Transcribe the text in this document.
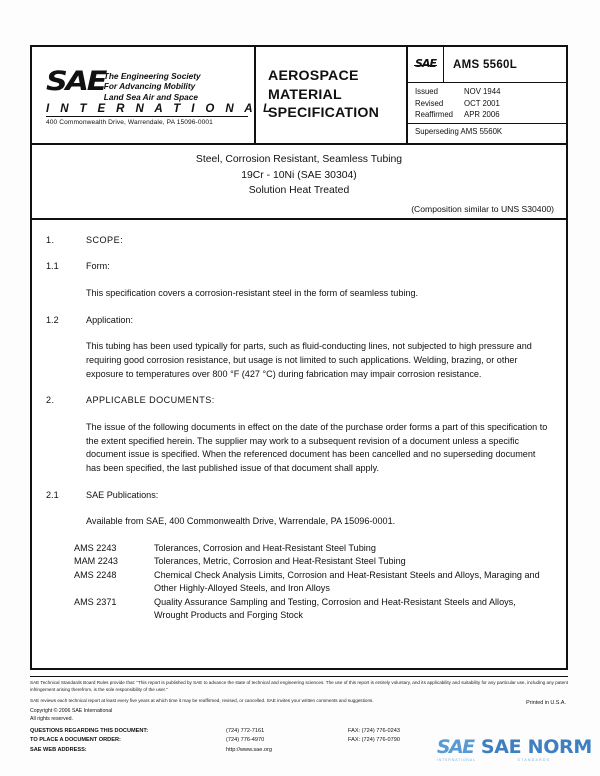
SAE
The Engineering Society
For Advancing Mobility
Land Sea Air and Space
I N T E R N A T I O N A L
400 Commonwealth Drive, Warrendale, PA 15096-0001
AEROSPACE
MATERIAL
SPECIFICATION
SAE	AMS 5560L
Issued	NOV 1944
Revised	OCT 2001
Reaffirmed	APR 2006
Superseding AMS 5560K
Steel, Corrosion Resistant, Seamless Tubing
19Cr - 10Ni (SAE 30304)
Solution Heat Treated
(Composition similar to UNS S30400)
1.	SCOPE:
1.1	Form:

This specification covers a corrosion-resistant steel in the form of seamless tubing.

1.2	Application:

This tubing has been used typically for parts, such as fluid-conducting lines, not subjected to high pressure and requiring good corrosion resistance, but usage is not limited to such applications. Welding, brazing, or other exposure to temperatures over 800 °F (427 °C) during fabrication may impair corrosion resistance.

2.	APPLICABLE DOCUMENTS:

The issue of the following documents in effect on the date of the purchase order forms a part of this specification to the extent specified herein. The supplier may work to a subsequent revision of a document unless a specific document issue is specified. When the referenced document has been cancelled and no superseding document has been specified, the last published issue of that document shall apply.

2.1	SAE Publications:

Available from SAE, 400 Commonwealth Drive, Warrendale, PA 15096-0001.

AMS 2243	Tolerances, Corrosion and Heat-Resistant Steel Tubing
MAM 2243	Tolerances, Metric, Corrosion and Heat-Resistant Steel Tubing
AMS 2248	Chemical Check Analysis Limits, Corrosion and Heat-Resistant Steels and Alloys, Maraging and Other Highly-Alloyed Steels, and Iron Alloys
AMS 2371	Quality Assurance Sampling and Testing, Corrosion and Heat-Resistant Steels and Alloys, Wrought Products and Forging Stock

SAE Technical Standards Board Rules provide that: "This report is published by SAE to advance the state of technical and engineering sciences. The use of this report is entirely voluntary, and its applicability and suitability for any particular use, including any patent infringement arising therefrom, is the sole responsibility of the user."

SAE reviews each technical report at least every five years at which time it may be reaffirmed, revised, or cancelled. SAE invites your written comments and suggestions.

Copyright © 2006 SAE International
All rights reserved.
Printed in U.S.A.
QUESTIONS REGARDING THIS DOCUMENT:	(724) 772-7161	FAX: (724) 776-0243
TO PLACE A DOCUMENT ORDER:	(724) 776-4970	FAX: (724) 776-0790
SAE WEB ADDRESS:	http://www.sae.org	SAE
INTERNATIONAL
SAE NORM
STANDARDS
